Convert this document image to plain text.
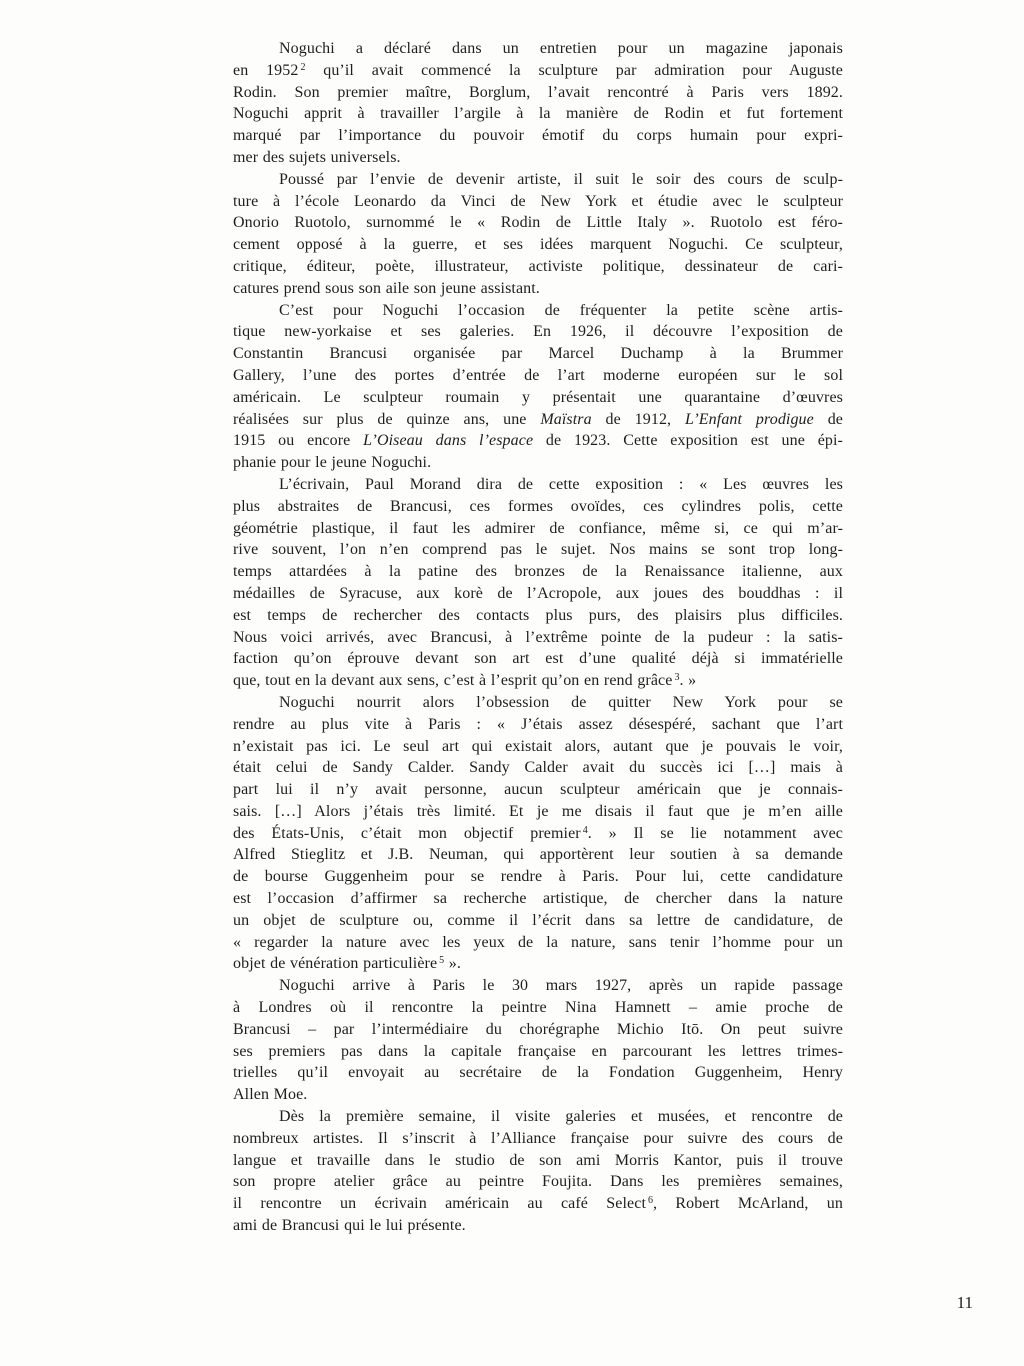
Noguchi a déclaré dans un entretien pour un magazine japonais
en 1952 $^2$ qu’il avait commencé la sculpture par admiration pour Auguste
Rodin. Son premier maître, Borglum, l’avait rencontré à Paris vers 1892.
Noguchi apprit à travailler l’argile à la manière de Rodin et fut fortement
marqué par l’importance du pouvoir émotif du corps humain pour expri-
mer des sujets universels.

Poussé par l’envie de devenir artiste, il suit le soir des cours de sculp-
ture à l’école Leonardo da Vinci de New York et étudie avec le sculpteur
Onorio Ruotolo, surnommé le « Rodin de Little Italy ». Ruotolo est féro-
cement opposé à la guerre, et ses idées marquent Noguchi. Ce sculpteur,
critique, éditeur, poète, illustrateur, activiste politique, dessinateur de cari-
catures prend sous son aile son jeune assistant.

C’est pour Noguchi l’occasion de fréquenter la petite scène artis-
tique new-yorkaise et ses galeries. En 1926, il découvre l’exposition de
Constantin Brancusi organisée par Marcel Duchamp à la Brummer
Gallery, l’une des portes d’entrée de l’art moderne européen sur le sol
américain. Le sculpteur roumain y présentait une quarantaine d’œuvres
réalisées sur plus de quinze ans, une Maïstra de 1912, L’Enfant prodigue de
1915 ou encore L’Oiseau dans l’espace de 1923. Cette exposition est une épi-
phanie pour le jeune Noguchi.

L’écrivain, Paul Morand dira de cette exposition : « Les œuvres les
plus abstraites de Brancusi, ces formes ovoïdes, ces cylindres polis, cette
géométrie plastique, il faut les admirer de confiance, même si, ce qui m’ar-
rive souvent, l’on n’en comprend pas le sujet. Nos mains se sont trop long-
temps attardées à la patine des bronzes de la Renaissance italienne, aux
médailles de Syracuse, aux korè de l’Acropole, aux joues des bouddhas : il
est temps de rechercher des contacts plus purs, des plaisirs plus difficiles.
Nous voici arrivés, avec Brancusi, à l’extrême pointe de la pudeur : la satis-
faction qu’on éprouve devant son art est d’une qualité déjà si immatérielle
que, tout en la devant aux sens, c’est à l’esprit qu’on en rend grâce $^3$. »

Noguchi nourrit alors l’obsession de quitter New York pour se
rendre au plus vite à Paris : « J’étais assez désespéré, sachant que l’art
n’existait pas ici. Le seul art qui existait alors, autant que je pouvais le voir,
était celui de Sandy Calder. Sandy Calder avait du succès ici […] mais à
part lui il n’y avait personne, aucun sculpteur américain que je connais-
sais. […] Alors j’étais très limité. Et je me disais il faut que je m’en aille
des États-Unis, c’était mon objectif premier $^4$. » Il se lie notamment avec
Alfred Stieglitz et J.B. Neuman, qui apportèrent leur soutien à sa demande
de bourse Guggenheim pour se rendre à Paris. Pour lui, cette candidature
est l’occasion d’affirmer sa recherche artistique, de chercher dans la nature
un objet de sculpture ou, comme il l’écrit dans sa lettre de candidature, de
« regarder la nature avec les yeux de la nature, sans tenir l’homme pour un
objet de vénération particulière $^5$ ».

Noguchi arrive à Paris le 30 mars 1927, après un rapide passage
à Londres où il rencontre la peintre Nina Hamnett – amie proche de
Brancusi – par l’intermédiaire du chorégraphe Michio Itō. On peut suivre
ses premiers pas dans la capitale française en parcourant les lettres trimes-
trielles qu’il envoyait au secrétaire de la Fondation Guggenheim, Henry
Allen Moe.

Dès la première semaine, il visite galeries et musées, et rencontre de
nombreux artistes. Il s’inscrit à l’Alliance française pour suivre des cours de
langue et travaille dans le studio de son ami Morris Kantor, puis il trouve
son propre atelier grâce au peintre Foujita. Dans les premières semaines,
il rencontre un écrivain américain au café Select $^6$, Robert McArland, un
ami de Brancusi qui le lui présente.

11
